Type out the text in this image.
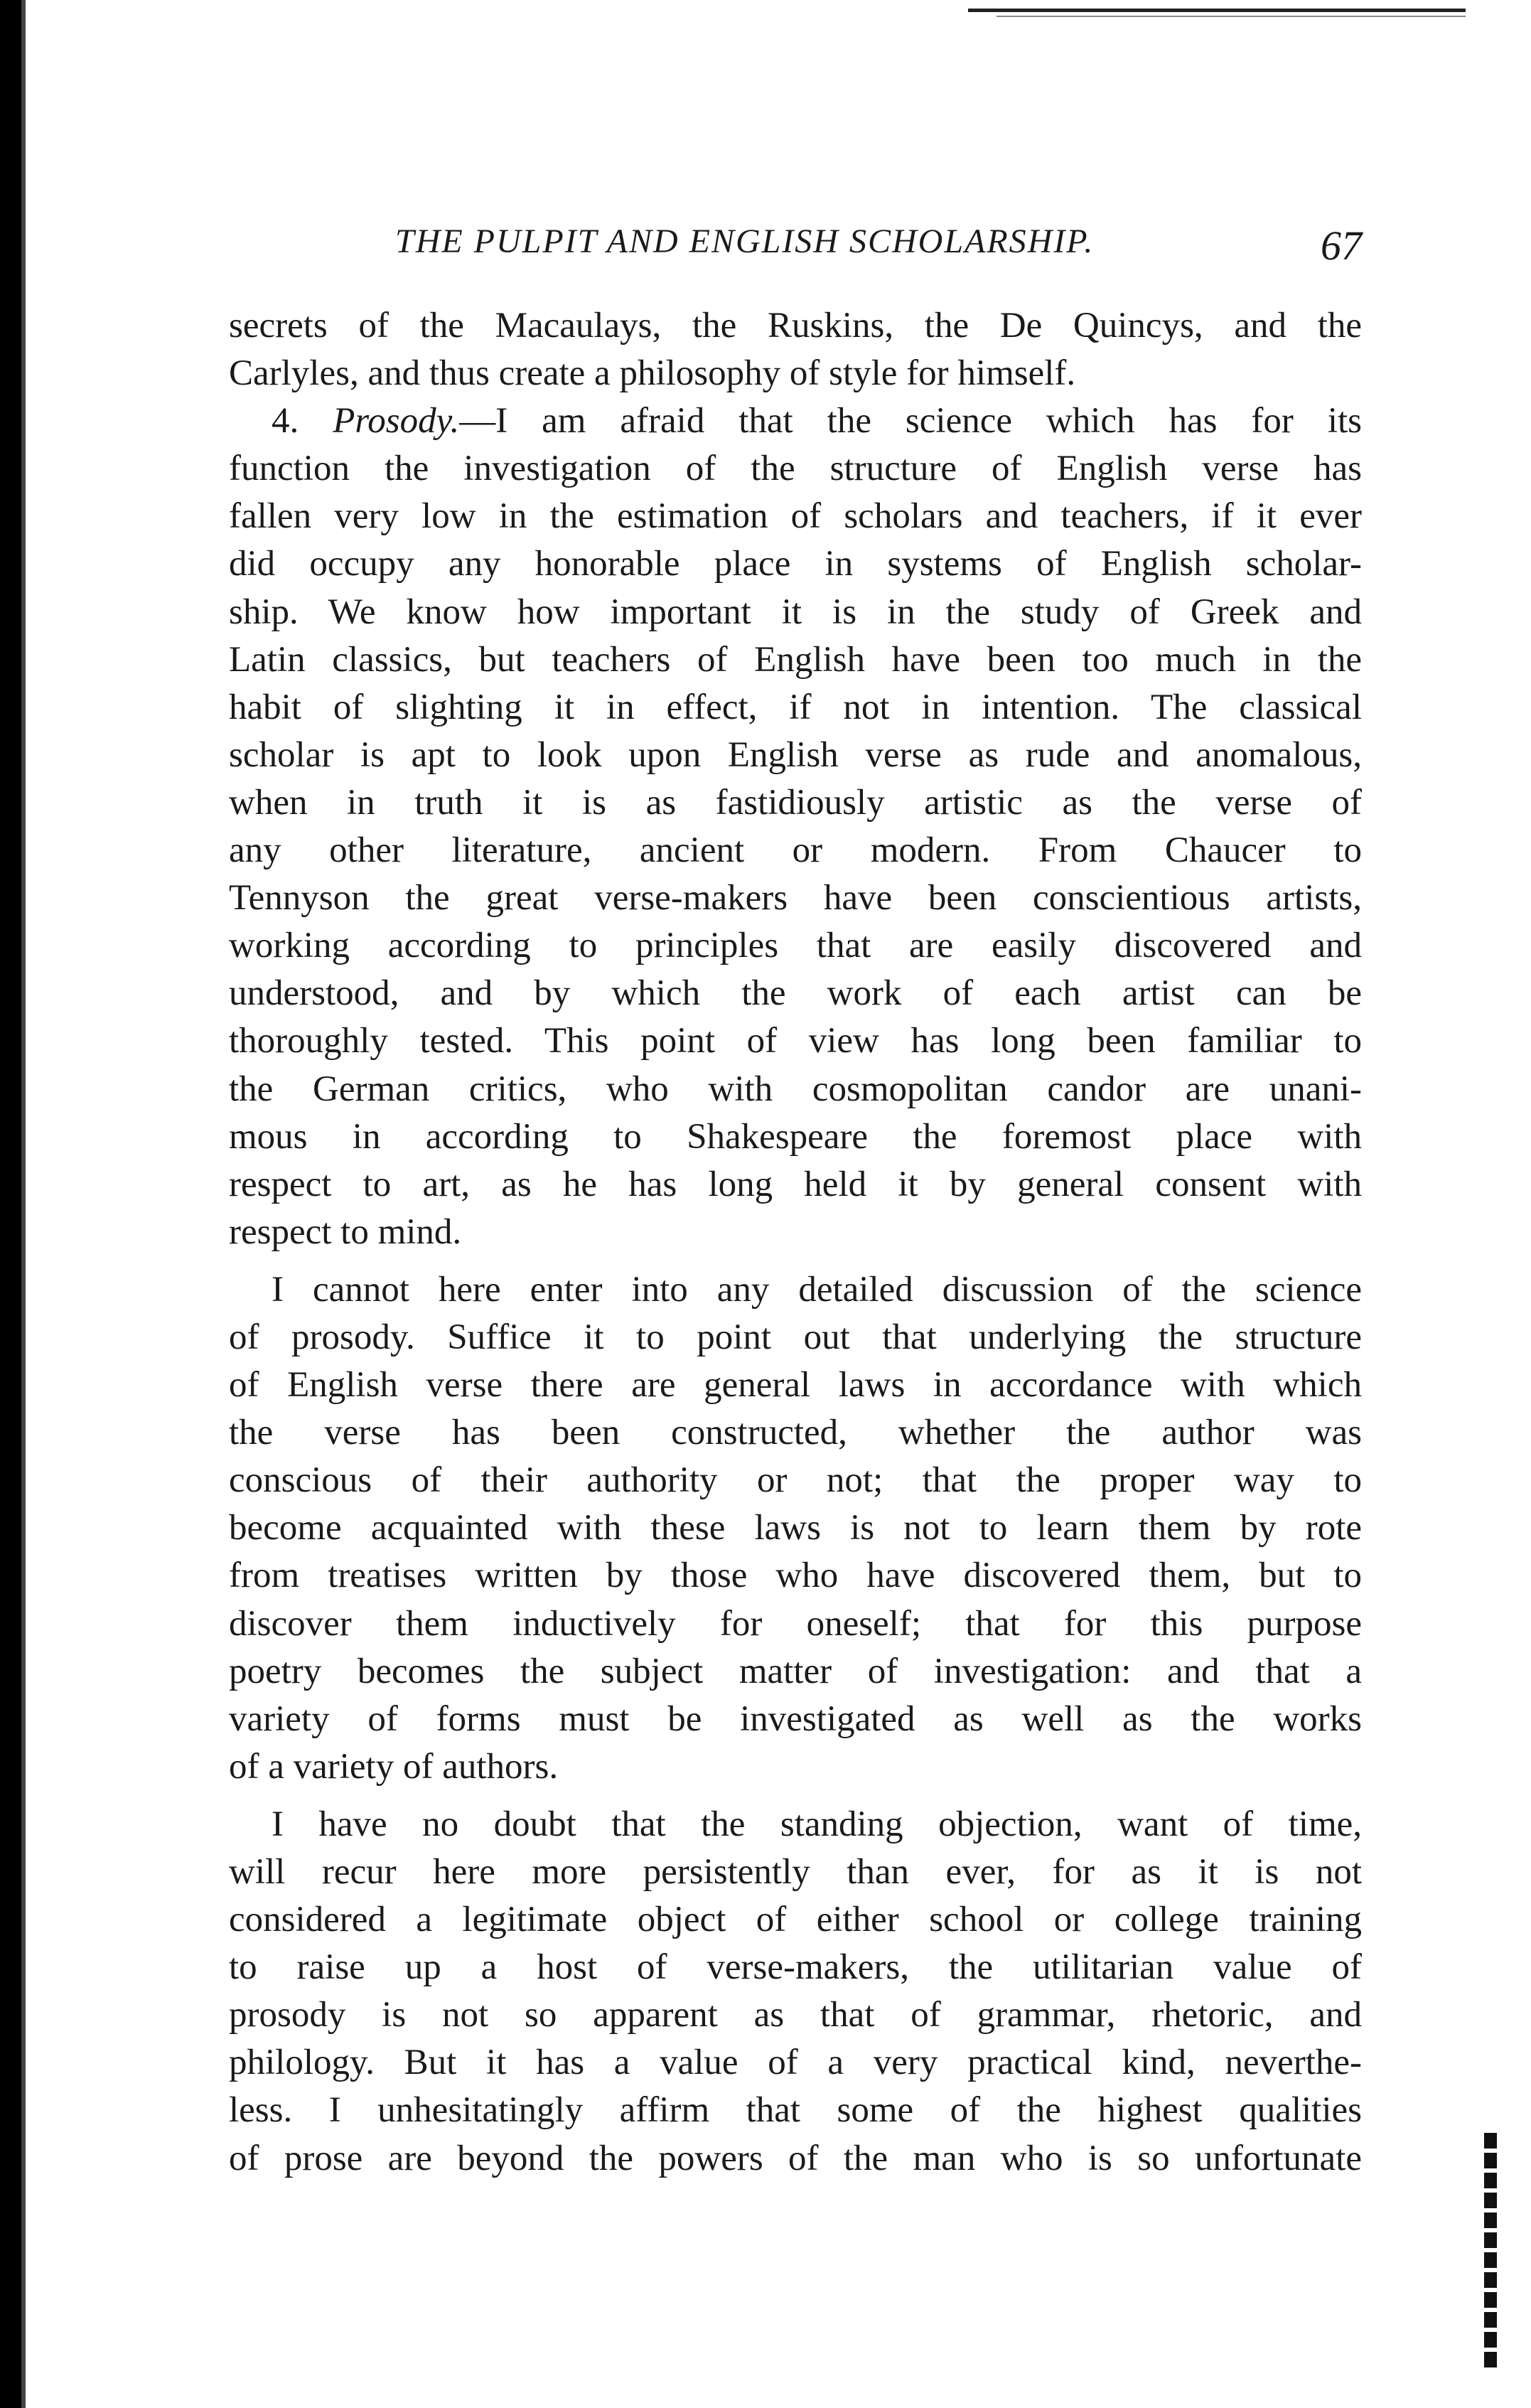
THE PULPIT AND ENGLISH SCHOLARSHIP.	67
secrets of the Macaulays, the Ruskins, the De Quincys, and the
Carlyles, and thus create a philosophy of style for himself.
4. Prosody.—I am afraid that the science which has for its
function the investigation of the structure of English verse has
fallen very low in the estimation of scholars and teachers, if it ever
did occupy any honorable place in systems of English scholar-
ship. We know how important it is in the study of Greek and
Latin classics, but teachers of English have been too much in the
habit of slighting it in effect, if not in intention. The classical
scholar is apt to look upon English verse as rude and anomalous,
when in truth it is as fastidiously artistic as the verse of
any other literature, ancient or modern. From Chaucer to
Tennyson the great verse-makers have been conscientious artists,
working according to principles that are easily discovered and
understood, and by which the work of each artist can be
thoroughly tested. This point of view has long been familiar to
the German critics, who with cosmopolitan candor are unani-
mous in according to Shakespeare the foremost place with
respect to art, as he has long held it by general consent with
respect to mind.
I cannot here enter into any detailed discussion of the science
of prosody. Suffice it to point out that underlying the structure
of English verse there are general laws in accordance with which
the verse has been constructed, whether the author was
conscious of their authority or not; that the proper way to
become acquainted with these laws is not to learn them by rote
from treatises written by those who have discovered them, but to
discover them inductively for oneself; that for this purpose
poetry becomes the subject matter of investigation: and that a
variety of forms must be investigated as well as the works
of a variety of authors.
I have no doubt that the standing objection, want of time,
will recur here more persistently than ever, for as it is not
considered a legitimate object of either school or college training
to raise up a host of verse-makers, the utilitarian value of
prosody is not so apparent as that of grammar, rhetoric, and
philology. But it has a value of a very practical kind, neverthe-
less. I unhesitatingly affirm that some of the highest qualities
of prose are beyond the powers of the man who is so unfortunate
